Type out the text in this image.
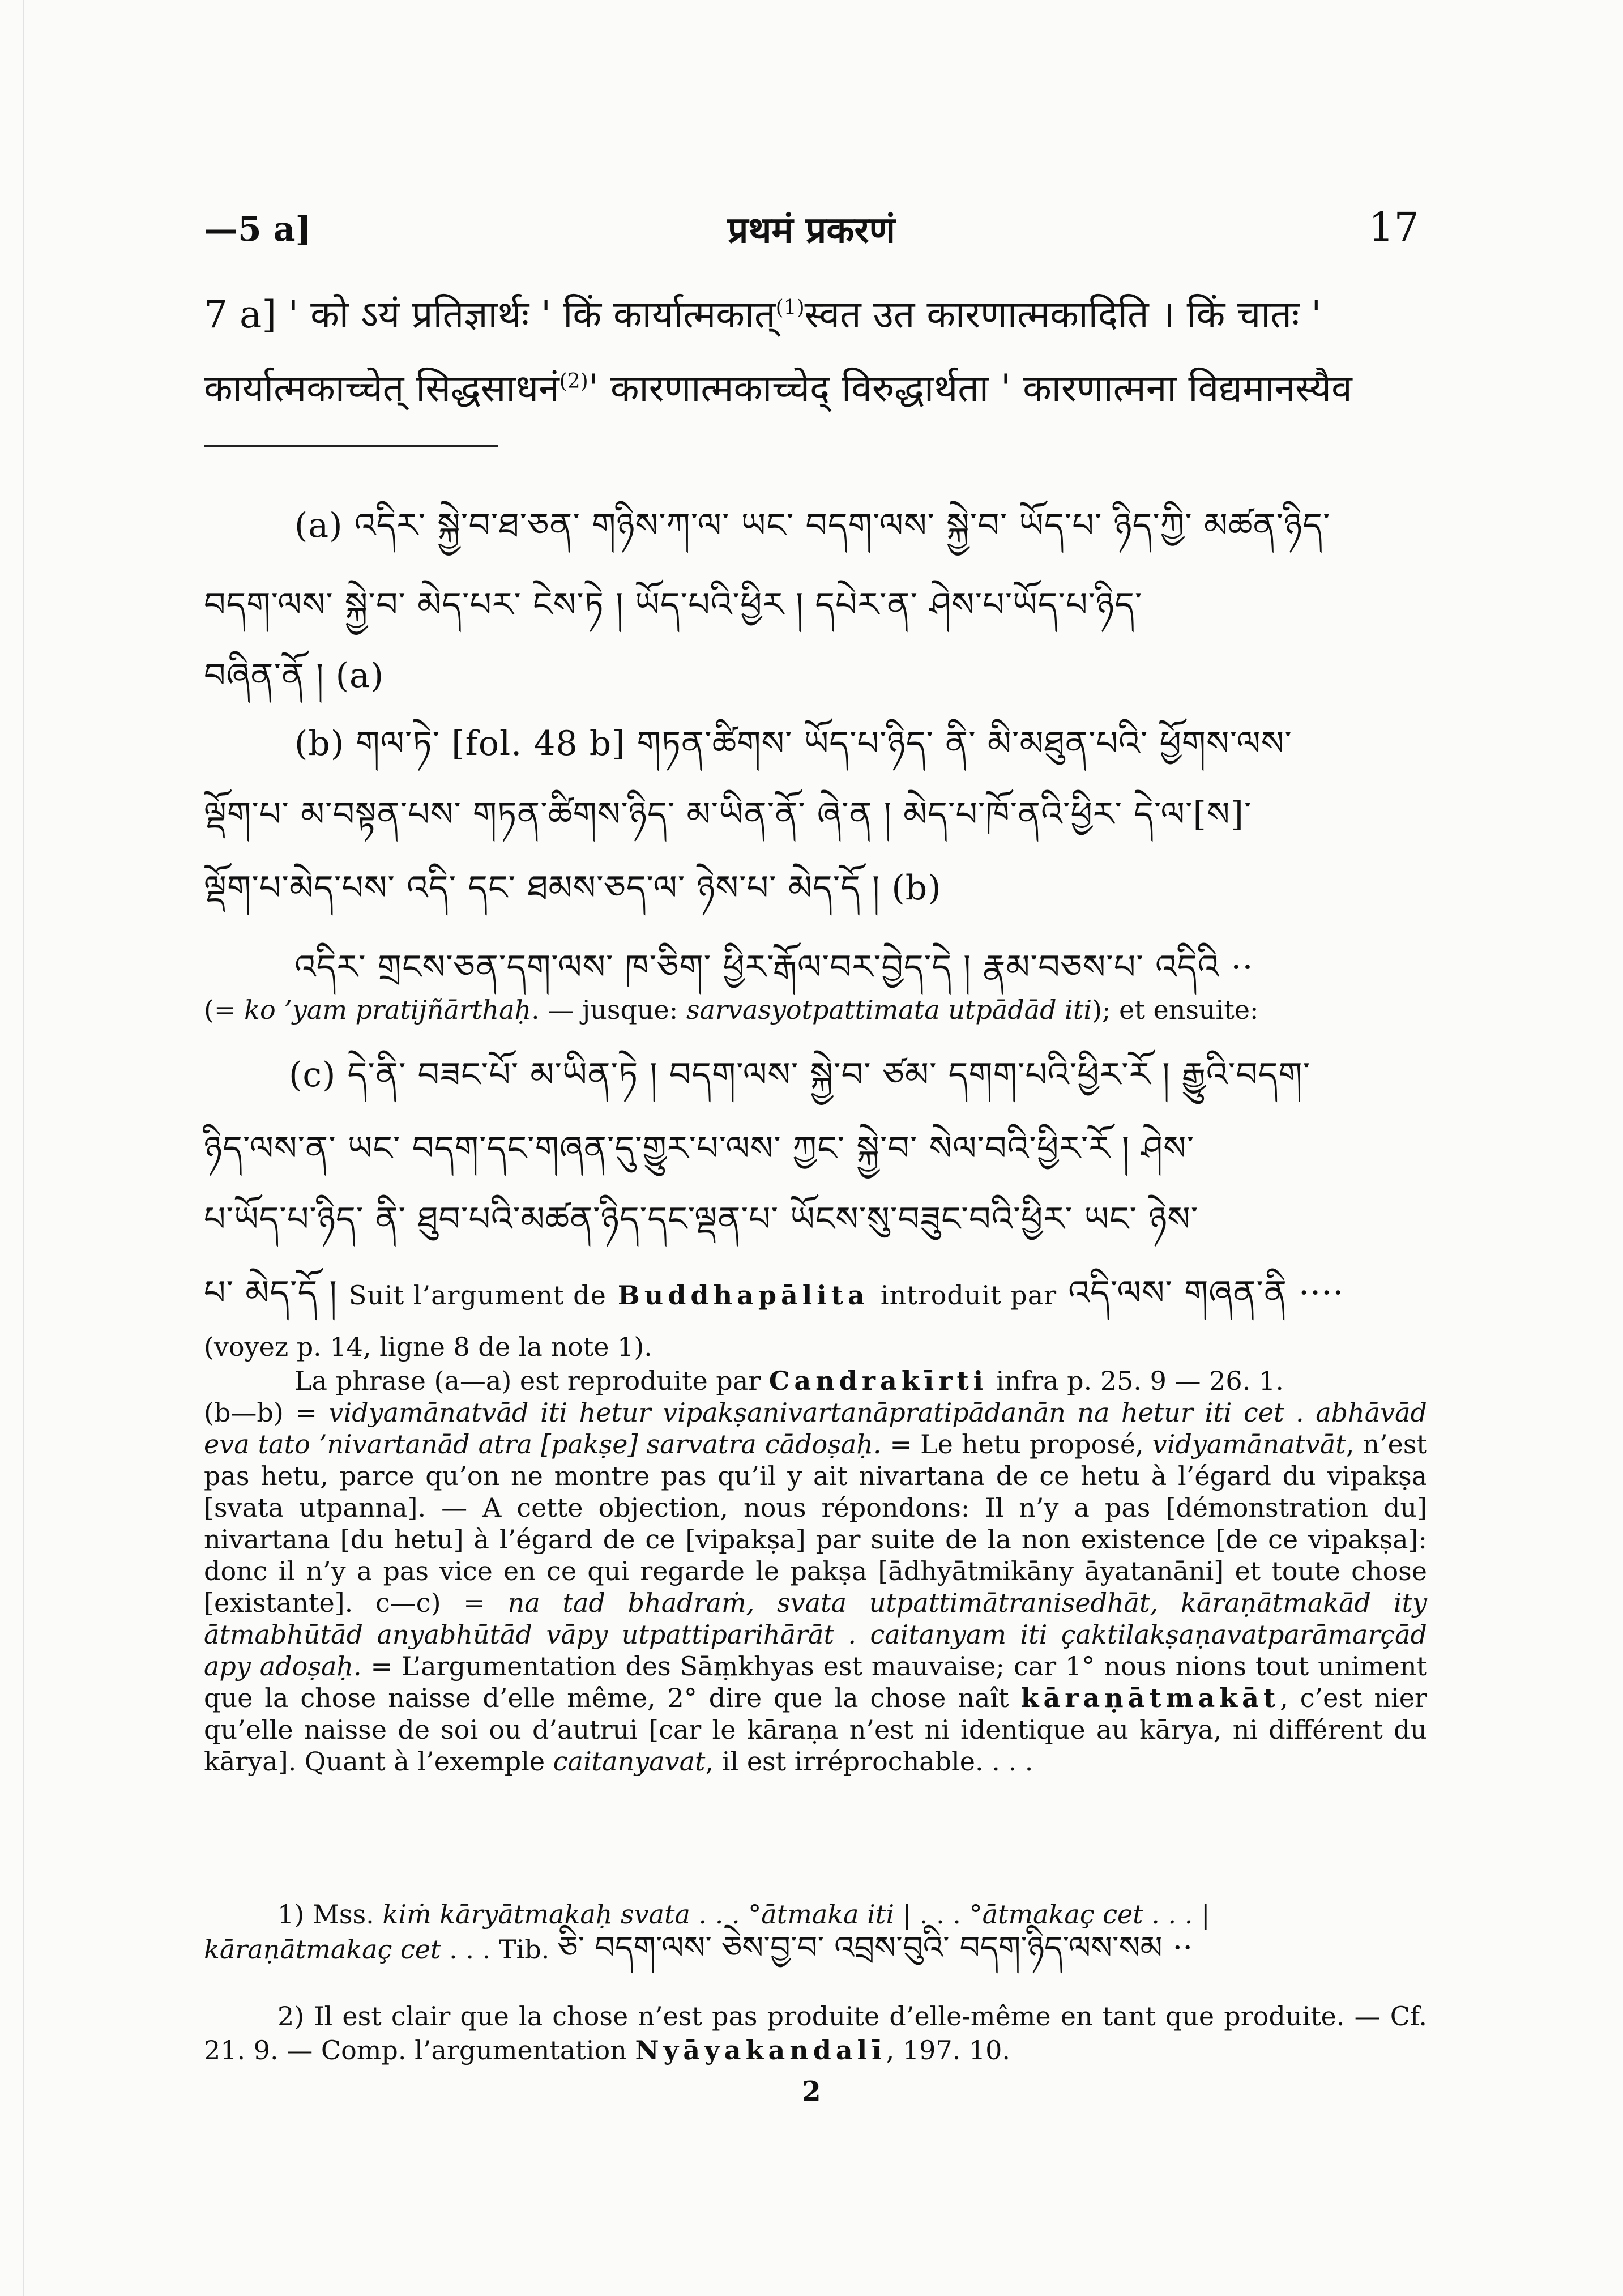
—5 a]	प्रथमं प्रकरणं	17
7 a] ' को ऽयं प्रतिज्ञार्थः ' किं कार्यात्मकात्$^{(1)}$स्वत उत कारणात्मकादिति । किं चातः '
कार्यात्मकाच्चेत् सिद्धसाधनं$^{(2)}$' कारणात्मकाच्चेद् विरुद्धार्थता ' कारणात्मना विद्यमानस्यैव
(a) འདིར་ སྐྱེ་བ་ཐ་ཅན་ གཉིས་ཀ་ལ་ ཡང་ བདག་ལས་ སྐྱེ་བ་ ཡོད་པ་ ཉིད་ཀྱི་ མཚན་ཉིད་
བདག་ལས་ སྐྱེ་བ་ མེད་པར་ ངེས་ཏེ ། ཡོད་པའི་ཕྱིར ། དཔེར་ན་ ཤེས་པ་ཡོད་པ་ཉིད་
བཞིན་ནོ ། (a)
(b) གལ་ཏེ་ [fol. 48 b] གཏན་ཚིགས་ ཡོད་པ་ཉིད་ ནི་ མི་མཐུན་པའི་ ཕྱོགས་ལས་
ལྡོག་པ་ མ་བསྟན་པས་ གཏན་ཚིགས་ཉིད་ མ་ཡིན་ནོ་ ཞེ་ན ། མེད་པ་ཁོ་ནའི་ཕྱིར་ དེ་ལ་[ས]་
ལྡོག་པ་མེད་པས་ འདི་ དང་ ཐམས་ཅད་ལ་ ཉེས་པ་ མེད་དོ ། (b)
འདིར་ གྲངས་ཅན་དག་ལས་ ཁ་ཅིག་ ཕྱིར་རྒོལ་བར་བྱེད་དེ ། རྣམ་བཅས་པ་ འདིའི ··
(= ko ’yam pratijñārthaḥ. — jusque: sarvasyotpattimata utpādād iti); et ensuite:
(c) དེ་ནི་ བཟང་པོ་ མ་ཡིན་ཏེ ། བདག་ལས་ སྐྱེ་བ་ ཙམ་ དགག་པའི་ཕྱིར་རོ ། རྒྱུའི་བདག་
ཉིད་ལས་ན་ ཡང་ བདག་དང་གཞན་དུ་གྱུར་པ་ལས་ ཀྱང་ སྐྱེ་བ་ སེལ་བའི་ཕྱིར་རོ ། ཤེས་
པ་ཡོད་པ་ཉིད་ ནི་ ཐུབ་པའི་མཚན་ཉིད་དང་ལྡན་པ་ ཡོངས་སུ་བཟུང་བའི་ཕྱིར་ ཡང་ ཉེས་
པ་ མེད་དོ ། Suit l’argument de Buddhapālita introduit par འདི་ལས་ གཞན་ནི ····
(voyez p. 14, ligne 8 de la note 1).
La phrase (a—a) est reproduite par Candrakīrti infra p. 25. 9 — 26. 1.
(b—b) = vidyamānatvād iti hetur vipakṣanivartanāpratipādanān na hetur iti cet . abhāvād eva tato ’nivartanād atra [pakṣe] sarvatra cādoṣaḥ. = Le hetu proposé, vidyamānatvāt, n’est pas hetu, parce qu’on ne montre pas qu’il y ait nivartana de ce hetu à l’égard du vipakṣa [svata utpanna]. — A cette objection, nous répondons: Il n’y a pas [démonstration du] nivartana [du hetu] à l’égard de ce [vipakṣa] par suite de la non existence [de ce vipakṣa]: donc il n’y a pas vice en ce qui regarde le pakṣa [ādhyātmikāny āyatanāni] et toute chose [existante]. c—c) = na tad bhadraṁ, svata utpattimātranisedhāt, kāraṇātmakād ity ātmabhūtād anyabhūtād vāpy utpattiparihārāt . caitanyam iti çaktilakṣaṇavatparāmarçād apy adoṣaḥ. = L’argumentation des Sāṃkhyas est mauvaise; car 1° nous nions tout uniment que la chose naisse d’elle même, 2° dire que la chose naît kāraṇātmakāt, c’est nier qu’elle naisse de soi ou d’autrui [car le kāraṇa n’est ni identique au kārya, ni différent du kārya]. Quant à l’exemple caitanyavat, il est irréprochable. . . .
1) Mss. kiṁ kāryātmakaḥ svata . . . °ātmaka iti | . . . °ātmakaç cet . . . |
kāraṇātmakaç cet . . . Tib. ཅི་ བདག་ལས་ ཅེས་བྱ་བ་ འབྲས་བུའི་ བདག་ཉིད་ལས་སམ ··
2) Il est clair que la chose n’est pas produite d’elle-même en tant que produite. — Cf. 21. 9. — Comp. l’argumentation Nyāyakandalī, 197. 10.
2
